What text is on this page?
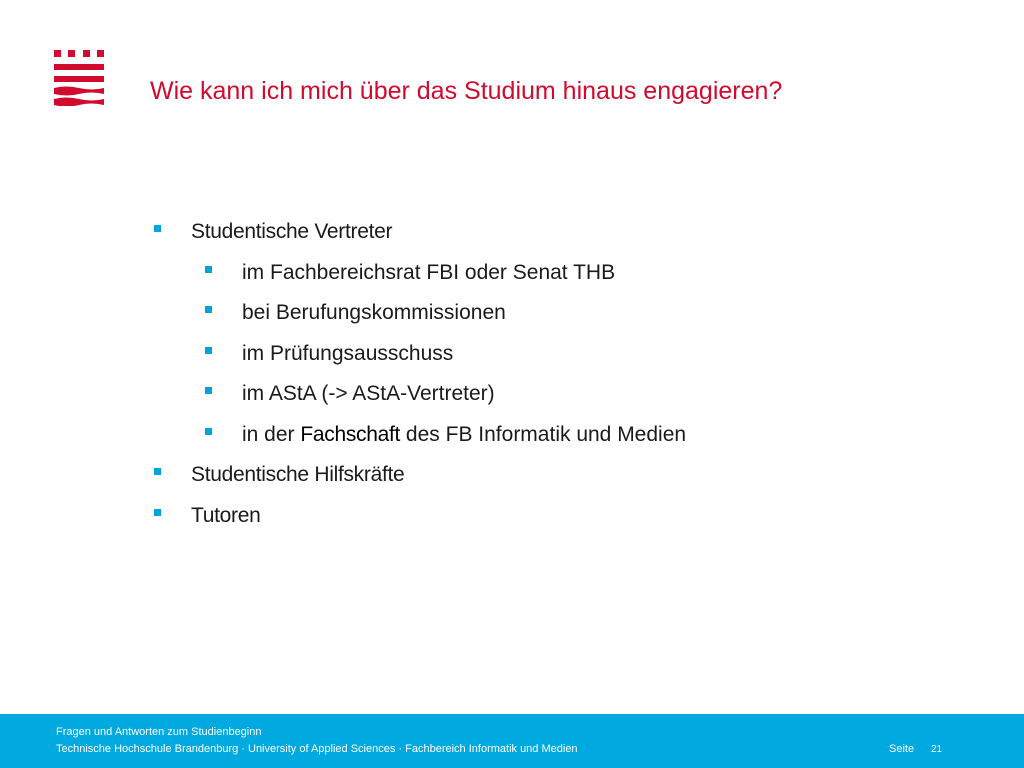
Wie kann ich mich über das Studium hinaus engagieren?
Studentische Vertreter
im Fachbereichsrat FBI oder Senat THB
bei Berufungskommissionen
im Prüfungsausschuss
im AStA (-> AStA-Vertreter)
in der Fachschaft des FB Informatik und Medien
Studentische Hilfskräfte
Tutoren
Fragen und Antworten zum Studienbeginn
Technische Hochschule Brandenburg · University of Applied Sciences · Fachbereich Informatik und Medien	Seite 21
